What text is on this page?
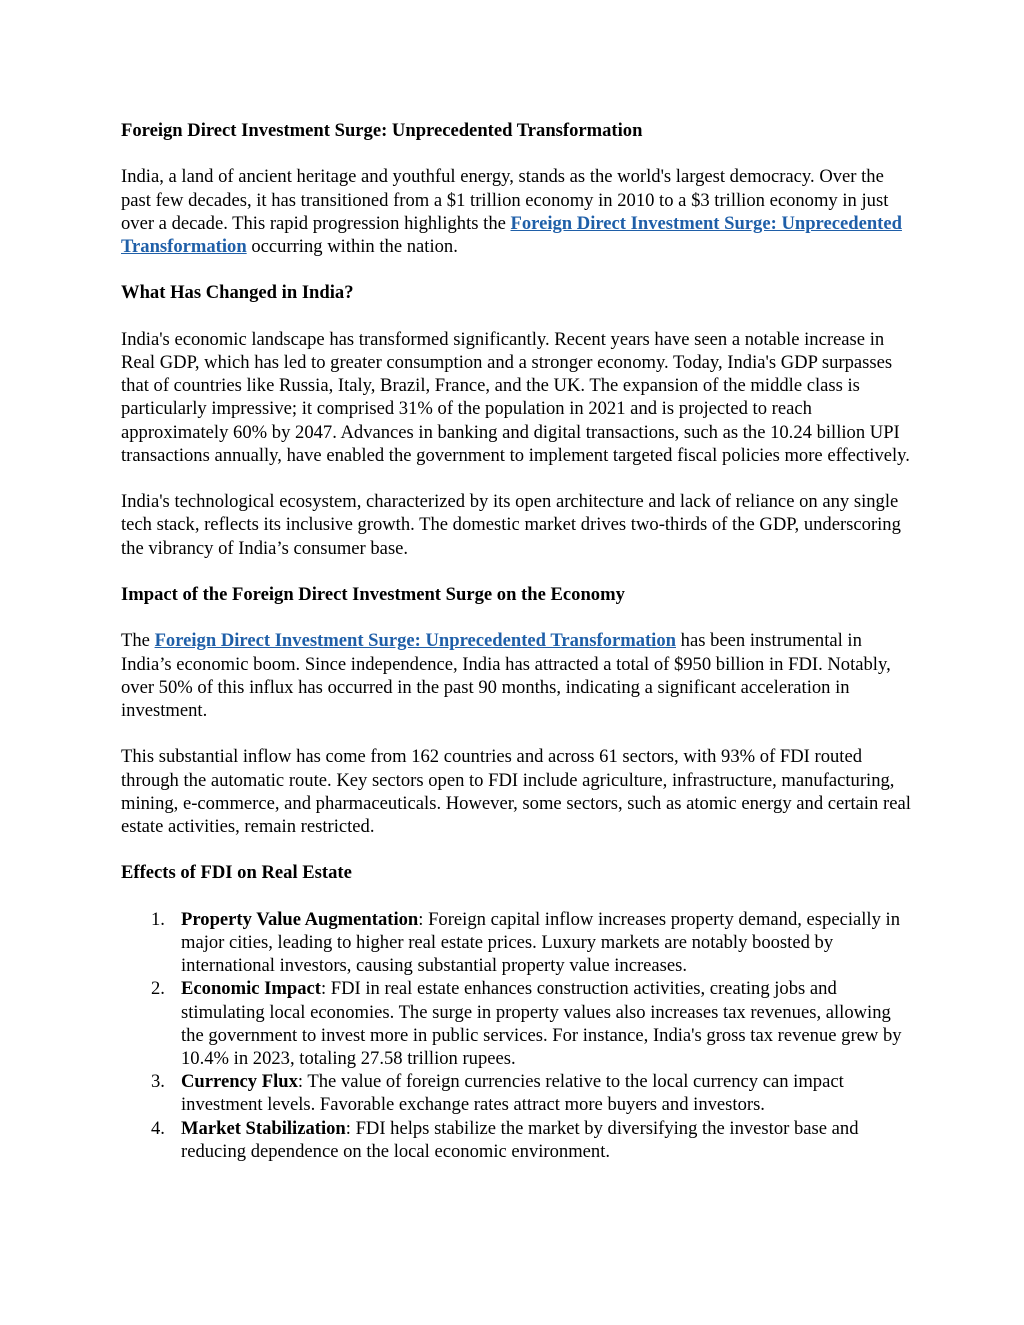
Foreign Direct Investment Surge: Unprecedented Transformation

India, a land of ancient heritage and youthful energy, stands as the world's largest democracy. Over the past few decades, it has transitioned from a $1 trillion economy in 2010 to a $3 trillion economy in just over a decade. This rapid progression highlights the Foreign Direct Investment Surge: Unprecedented Transformation occurring within the nation.

What Has Changed in India?

India's economic landscape has transformed significantly. Recent years have seen a notable increase in Real GDP, which has led to greater consumption and a stronger economy. Today, India's GDP surpasses that of countries like Russia, Italy, Brazil, France, and the UK. The expansion of the middle class is particularly impressive; it comprised 31% of the population in 2021 and is projected to reach approximately 60% by 2047. Advances in banking and digital transactions, such as the 10.24 billion UPI transactions annually, have enabled the government to implement targeted fiscal policies more effectively.

India's technological ecosystem, characterized by its open architecture and lack of reliance on any single tech stack, reflects its inclusive growth. The domestic market drives two-thirds of the GDP, underscoring the vibrancy of India’s consumer base.

Impact of the Foreign Direct Investment Surge on the Economy

The Foreign Direct Investment Surge: Unprecedented Transformation has been instrumental in India’s economic boom. Since independence, India has attracted a total of $950 billion in FDI. Notably, over 50% of this influx has occurred in the past 90 months, indicating a significant acceleration in investment.

This substantial inflow has come from 162 countries and across 61 sectors, with 93% of FDI routed through the automatic route. Key sectors open to FDI include agriculture, infrastructure, manufacturing, mining, e-commerce, and pharmaceuticals. However, some sectors, such as atomic energy and certain real estate activities, remain restricted.

Effects of FDI on Real Estate
1. Property Value Augmentation: Foreign capital inflow increases property demand, especially in major cities, leading to higher real estate prices. Luxury markets are notably boosted by international investors, causing substantial property value increases.
2. Economic Impact: FDI in real estate enhances construction activities, creating jobs and stimulating local economies. The surge in property values also increases tax revenues, allowing the government to invest more in public services. For instance, India's gross tax revenue grew by 10.4% in 2023, totaling 27.58 trillion rupees.
3. Currency Flux: The value of foreign currencies relative to the local currency can impact investment levels. Favorable exchange rates attract more buyers and investors.
4. Market Stabilization: FDI helps stabilize the market by diversifying the investor base and reducing dependence on the local economic environment.
